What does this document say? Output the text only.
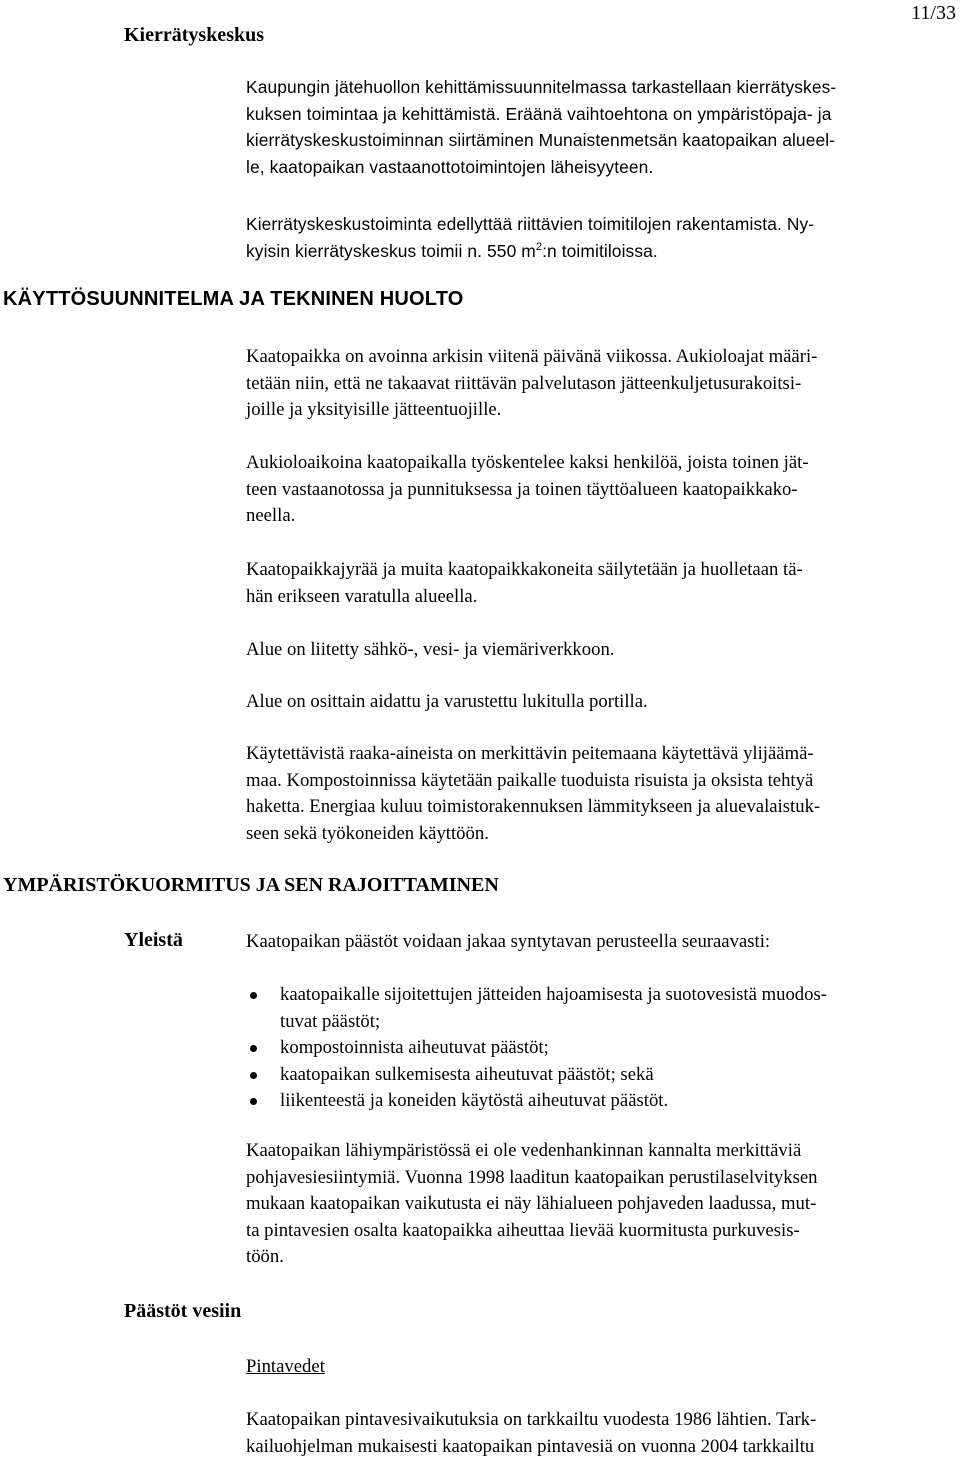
Kierrätyskeskus
11/33
Kaupungin jätehuollon kehittämissuunnitelmassa tarkastellaan kierrätyskes-
kuksen toimintaa ja kehittämistä. Eräänä vaihtoehtona on ympäristöpaja- ja
kierrätyskeskustoiminnan siirtäminen Munaistenmetsän kaatopaikan alueel-
le, kaatopaikan vastaanottotoimintojen läheisyyteen.
Kierrätyskeskustoiminta edellyttää riittävien toimitilojen rakentamista. Ny-
kyisin kierrätyskeskus toimii n. 550 $m^2:n$ toimitiloissa.
KÄYTTÖSUUNNITELMA JA TEKNINEN HUOLTO
Kaatopaikka on avoinna arkisin viitenä päivänä viikossa. Aukioloajat määri-
tetään niin, että ne takaavat riittävän palvelutason jätteenkuljetusurakoitsi-
joille ja yksityisille jätteentuojille.
Aukioloaikoina kaatopaikalla työskentelee kaksi henkilöä, joista toinen jät-
teen vastaanotossa ja punnituksessa ja toinen täyttöalueen kaatopaikkako-
neella.
Kaatopaikkajyrää ja muita kaatopaikkakoneita säilytetään ja huolletaan tä-
hän erikseen varatulla alueella.
Alue on liitetty sähkö-, vesi- ja viemäriverkkoon.
Alue on osittain aidattu ja varustettu lukitulla portilla.
Käytettävistä raaka-aineista on merkittävin peitemaana käytettävä ylijäämä-
maa. Kompostoinnissa käytetään paikalle tuoduista risuista ja oksista tehtyä
haketta. Energiaa kuluu toimistorakennuksen lämmitykseen ja aluevalaistuk-
seen sekä työkoneiden käyttöön.
YMPÄRISTÖKUORMITUS JA SEN RAJOITTAMINEN
Yleistä	Kaatopaikan päästöt voidaan jakaa syntytavan perusteella seuraavasti:
kaatopaikalle sijoitettujen jätteiden hajoamisesta ja suotovesistä muodos-
tuvat päästöt;
kompostoinnista aiheutuvat päästöt;
kaatopaikan sulkemisesta aiheutuvat päästöt; sekä
liikenteestä ja koneiden käytöstä aiheutuvat päästöt.
Kaatopaikan lähiympäristössä ei ole vedenhankinnan kannalta merkittäviä
pohjavesiesiintymiä. Vuonna 1998 laaditun kaatopaikan perustilaselvityksen
mukaan kaatopaikan vaikutusta ei näy lähialueen pohjaveden laadussa, mut-
ta pintavesien osalta kaatopaikka aiheuttaa lievää kuormitusta purkuvesis-
töön.
Päästöt vesiin
Pintavedet
Kaatopaikan pintavesivaikutuksia on tarkkailtu vuodesta 1986 lähtien. Tark-
kailuohjelman mukaisesti kaatopaikan pintavesiä on vuonna 2004 tarkkailtu
